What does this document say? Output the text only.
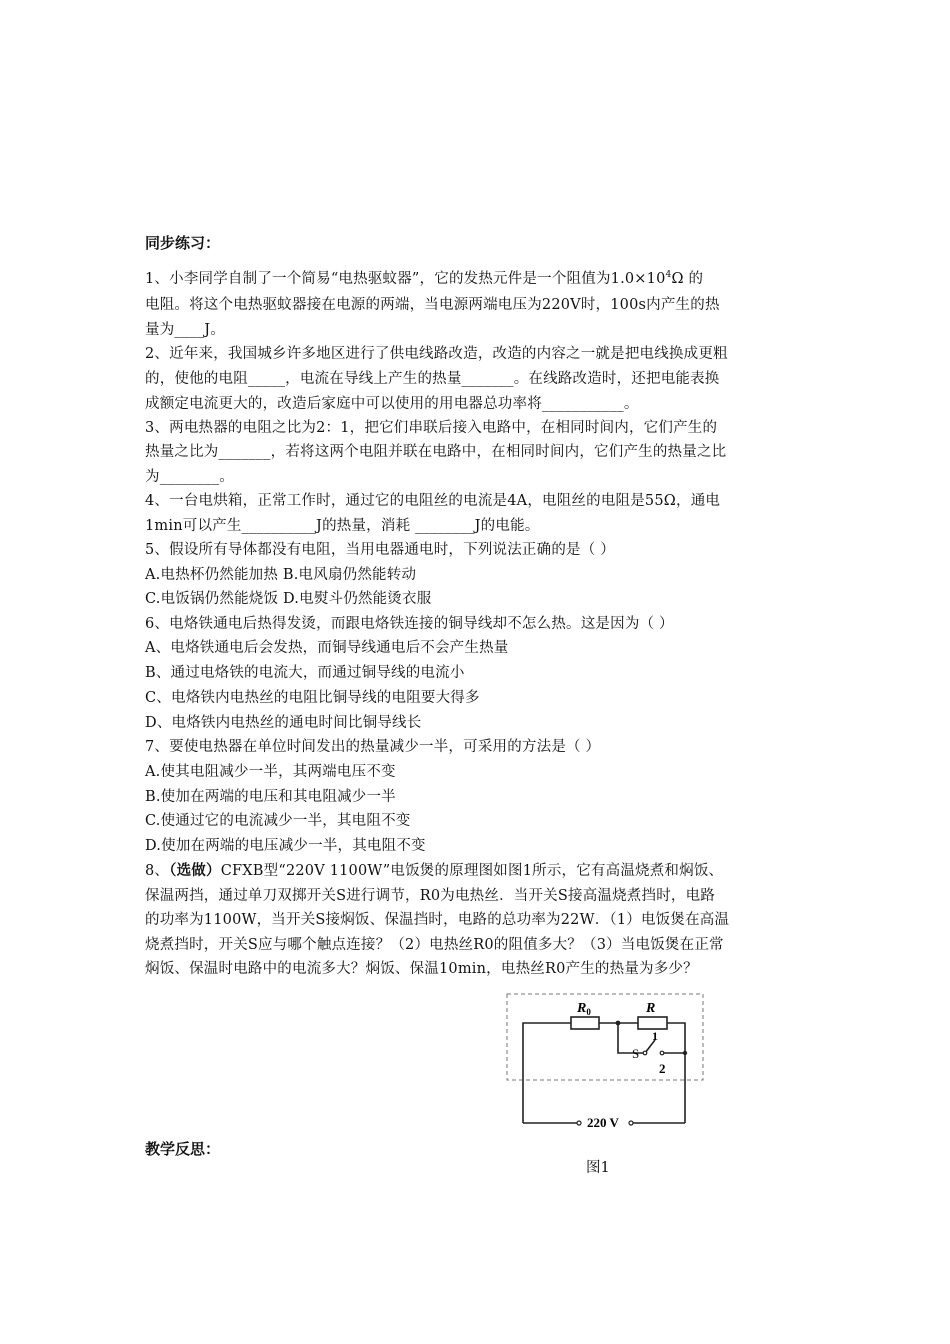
同步练习：
1、小李同学自制了一个简易“电热驱蚊器”，它的发热元件是一个阻值为$1.0\times 10^4\Omega$ 的
电阻。将这个电热驱蚊器接在电源的两端，当电源两端电压为220V时，100s内产生的热
量为____J。
2、近年来，我国城乡许多地区进行了供电线路改造，改造的内容之一就是把电线换成更粗
的，使他的电阻_____，电流在导线上产生的热量_______。在线路改造时，还把电能表换
成额定电流更大的，改造后家庭中可以使用的用电器总功率将___________。
3、两电热器的电阻之比为2：1，把它们串联后接入电路中，在相同时间内，它们产生的
热量之比为_______，若将这两个电阻并联在电路中，在相同时间内，它们产生的热量之比
为________。
4、一台电烘箱，正常工作时，通过它的电阻丝的电流是4A，电阻丝的电阻是55Ω，通电
1min可以产生__________J的热量，消耗 ________J的电能。
5、假设所有导体都没有电阻，当用电器通电时，下列说法正确的是（ ）
A.电热杯仍然能加热 B.电风扇仍然能转动
C.电饭锅仍然能烧饭 D.电熨斗仍然能烫衣服
6、电烙铁通电后热得发烫，而跟电烙铁连接的铜导线却不怎么热。这是因为（ ）
A、电烙铁通电后会发热，而铜导线通电后不会产生热量
B、通过电烙铁的电流大，而通过铜导线的电流小
C、电烙铁内电热丝的电阻比铜导线的电阻要大得多
D、电烙铁内电热丝的通电时间比铜导线长
7、要使电热器在单位时间发出的热量减少一半，可采用的方法是（ ）
A.使其电阻减少一半，其两端电压不变
B.使加在两端的电压和其电阻减少一半
C.使通过它的电流减少一半，其电阻不变
D.使加在两端的电压减少一半，其电阻不变
8、（选做）CFXB型“220V 1100W”电饭煲的原理图如图1所示，它有高温烧煮和焖饭、
保温两挡，通过单刀双掷开关S进行调节，R0为电热丝．当开关S接高温烧煮挡时，电路
的功率为1100W，当开关S接焖饭、保温挡时，电路的总功率为22W．（1）电饭煲在高温
烧煮挡时，开关S应与哪个触点连接？（2）电热丝R0的阻值多大？（3）当电饭煲在正常
焖饭、保温时电路中的电流多大？焖饭、保温10min，电热丝R0产生的热量为多少？
$R_0$	R
S
1
2
220 V
教学反思：
图1
